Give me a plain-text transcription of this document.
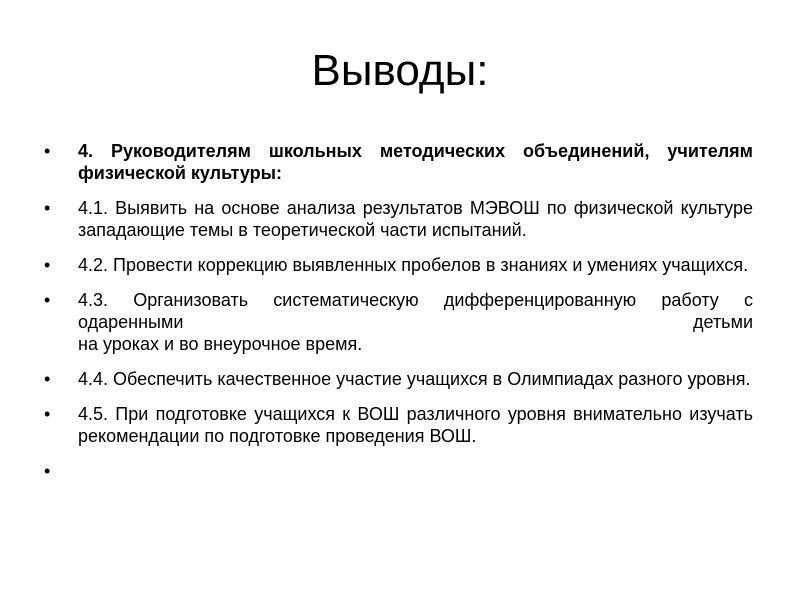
Выводы:
• 4. Руководителям школьных методических объединений, учителям физической культуры:
• 4.1. Выявить на основе анализа результатов МЭВОШ по физической культуре западающие темы в теоретической части испытаний.
• 4.2. Провести коррекцию выявленных пробелов в знаниях и умениях учащихся.
• 4.3. Организовать систематическую дифференцированную работу с
одаренными детьми
на уроках и во внеурочное время.
• 4.4. Обеспечить качественное участие учащихся в Олимпиадах разного уровня.
• 4.5. При подготовке учащихся к ВОШ различного уровня внимательно изучать рекомендации по подготовке проведения ВОШ.
•
